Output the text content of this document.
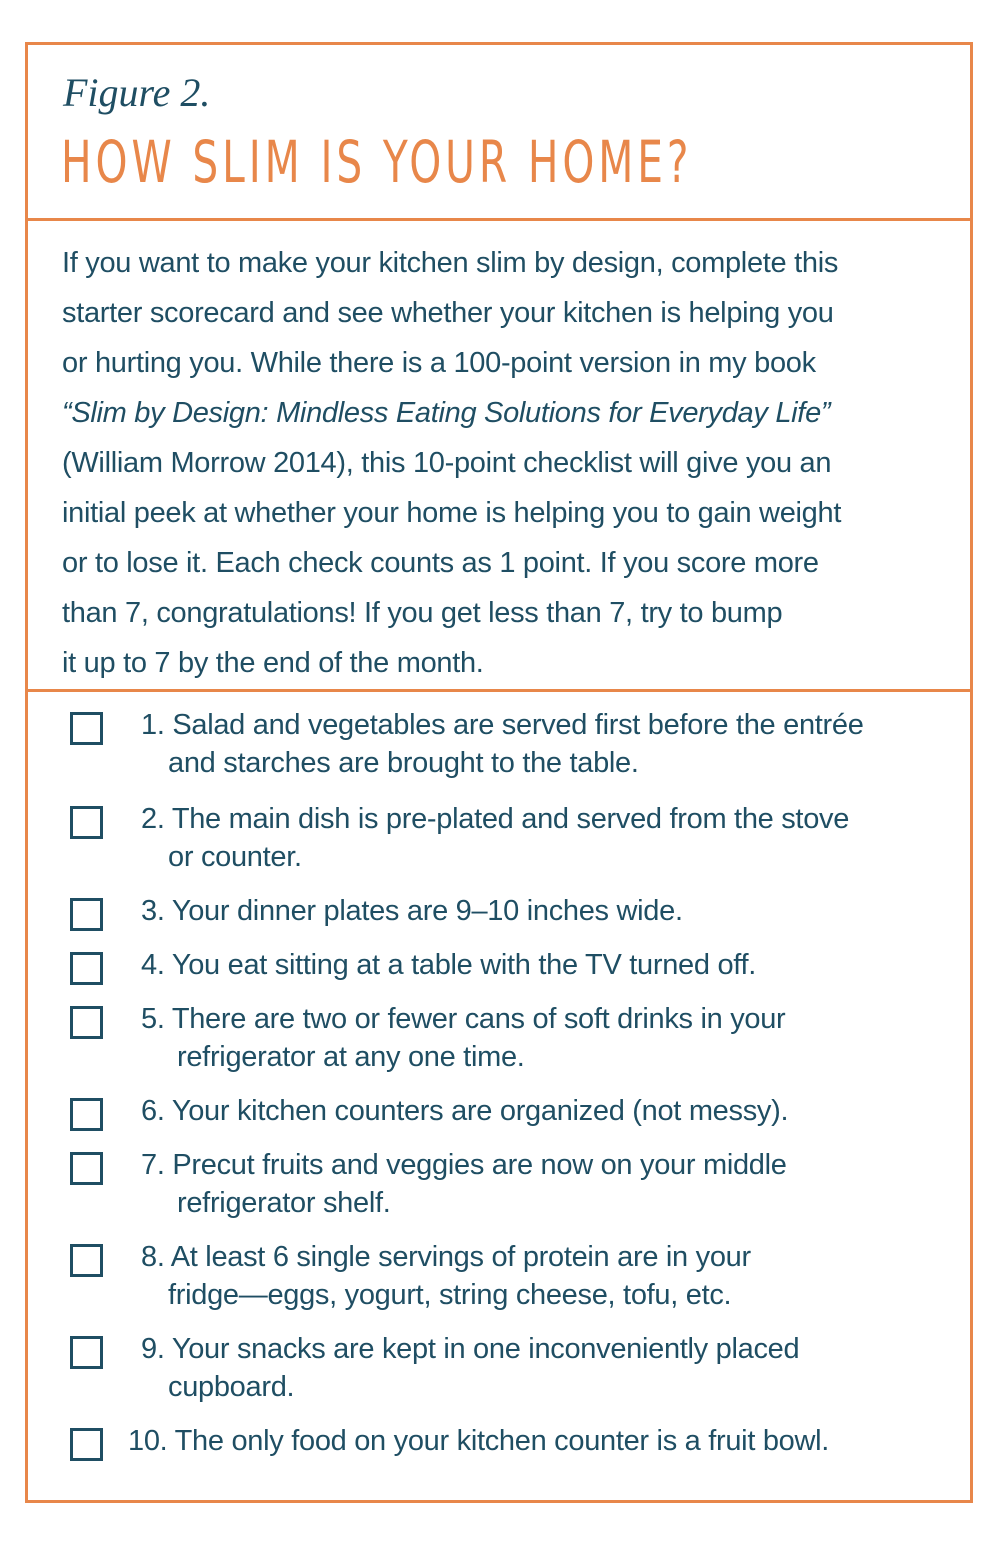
Figure 2.

HOW SLIM IS YOUR HOME?

If you want to make your kitchen slim by design, complete this
starter scorecard and see whether your kitchen is helping you
or hurting you. While there is a 100-point version in my book
“Slim by Design: Mindless Eating Solutions for Everyday Life”
(William Morrow 2014), this 10-point checklist will give you an
initial peek at whether your home is helping you to gain weight
or to lose it. Each check counts as 1 point. If you score more
than 7, congratulations! If you get less than 7, try to bump
it up to 7 by the end of the month.

1. Salad and vegetables are served first before the entrée
and starches are brought to the table.
2. The main dish is pre-plated and served from the stove
or counter.
3. Your dinner plates are 9–10 inches wide.
4. You eat sitting at a table with the TV turned off.
5. There are two or fewer cans of soft drinks in your
refrigerator at any one time.
6. Your kitchen counters are organized (not messy).
7. Precut fruits and veggies are now on your middle
refrigerator shelf.
8. At least 6 single servings of protein are in your
fridge—eggs, yogurt, string cheese, tofu, etc.
9. Your snacks are kept in one inconveniently placed
cupboard.
10. The only food on your kitchen counter is a fruit bowl.
